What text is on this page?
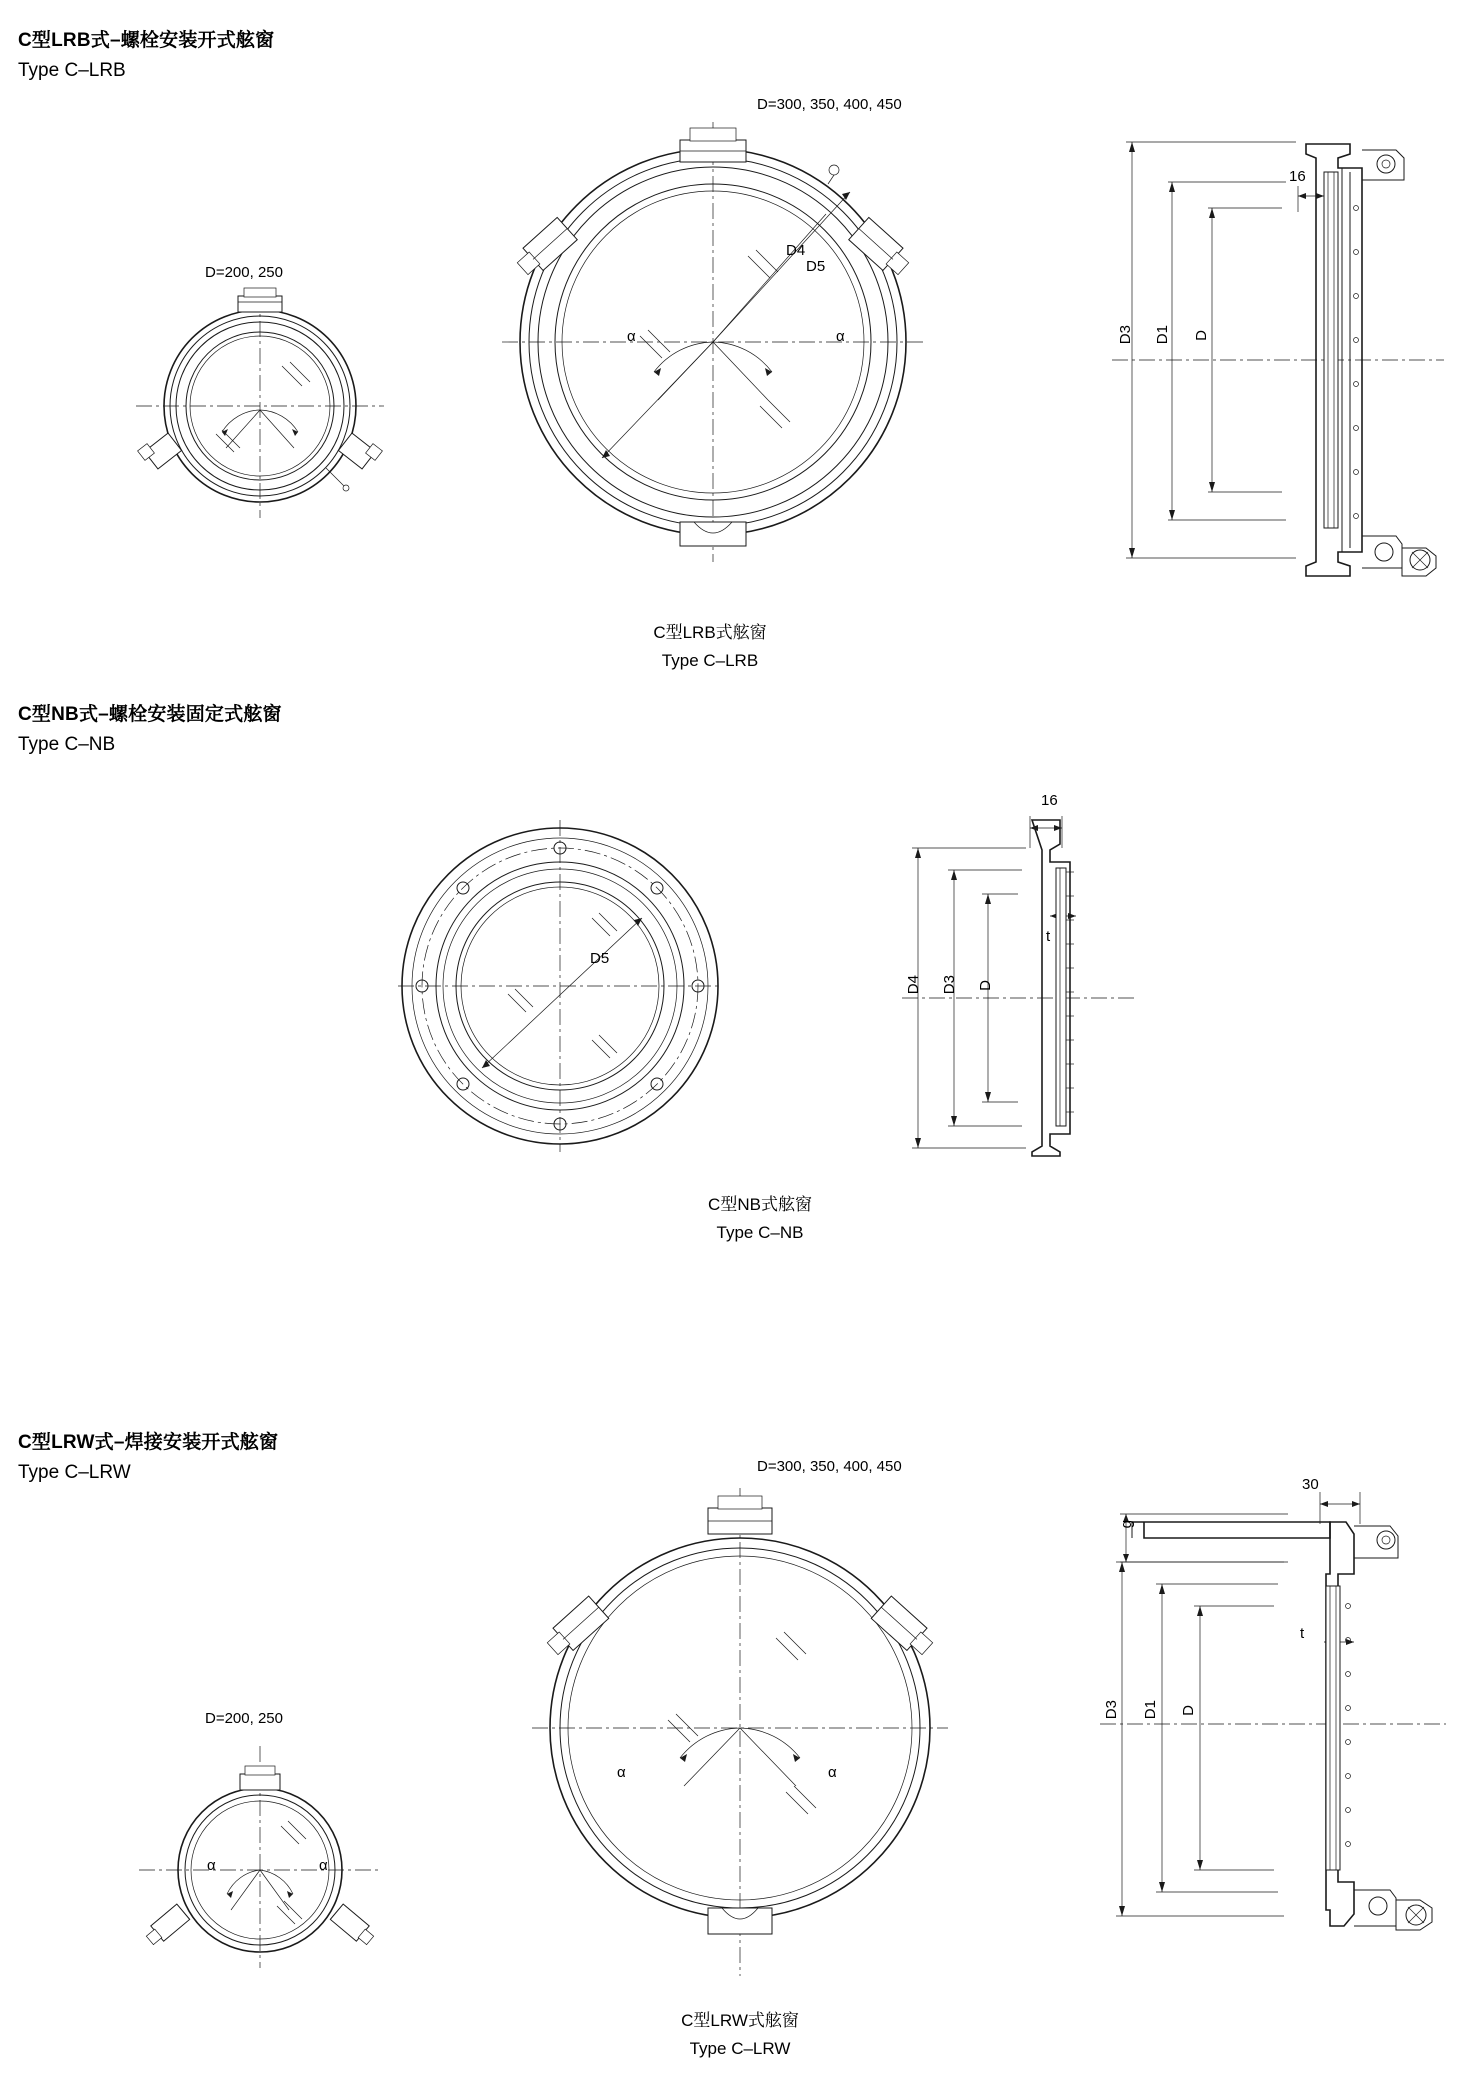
C型LRB式–螺栓安装开式舷窗
Type C–LRB
D=200, 250
D=300, 350, 400, 450
D4
D5
α	α	D3 D1 D
16
C型LRB式舷窗
Type C–LRB
C型NB式–螺栓安装固定式舷窗
Type C–NB
D5
16
D4 D3 D
t
C型NB式舷窗
Type C–NB
C型LRW式–焊接安装开式舷窗
Type C–LRW
D=200, 250
D=300, 350, 400, 450
α	α
α	α
30
g
D3 D1 D
t
C型LRW式舷窗
Type C–LRW
